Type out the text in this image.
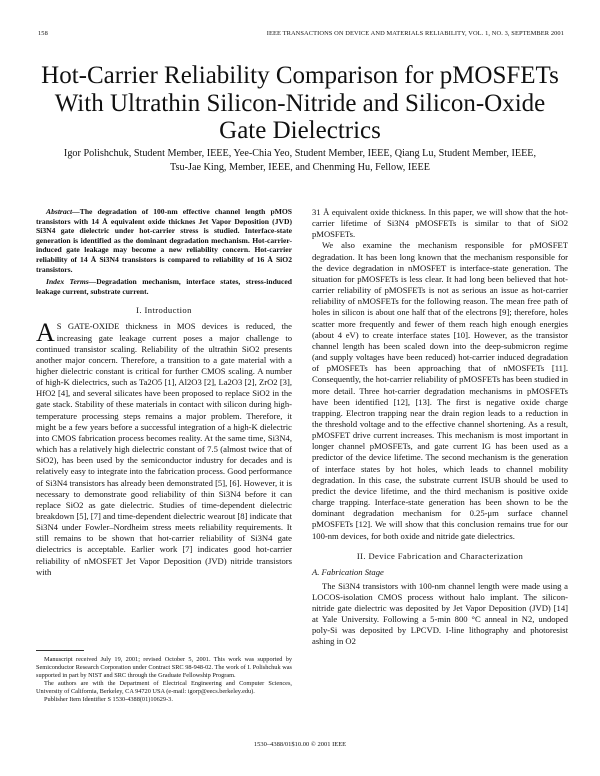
158	IEEE TRANSACTIONS ON DEVICE AND MATERIALS RELIABILITY, VOL. 1, NO. 3, SEPTEMBER 2001
Hot-Carrier Reliability Comparison for pMOSFETs
With Ultrathin Silicon-Nitride and Silicon-Oxide
Gate Dielectrics
Igor Polishchuk, Student Member, IEEE, Yee-Chia Yeo, Student Member, IEEE, Qiang Lu, Student Member, IEEE,
Tsu-Jae King, Member, IEEE, and Chenming Hu, Fellow, IEEE

Abstract—The degradation of 100-nm effective channel length pMOS transistors with 14 Å equivalent oxide thicknes Jet Vapor Deposition (JVD) Si3N4 gate dielectric under hot-carrier stress is studied. Interface-state generation is identified as the dominant degradation mechanism. Hot-carrier-induced gate leakage may become a new reliability concern. Hot-carrier reliability of 14 Å Si3N4 transistors is compared to reliability of 16 Å SiO2 transistors.

Index Terms—Degradation mechanism, interface states, stress-induced leakage current, substrate current.

I. Introduction

A S GATE-OXIDE thickness in MOS devices is reduced, the increasing gate leakage current poses a major challenge to continued transistor scaling. Reliability of the ultrathin SiO2 presents another major concern. Therefore, a transition to a gate material with a higher dielectric constant is critical for further CMOS scaling. A number of high-K dielectrics, such as Ta2O5 [1], Al2O3 [2], La2O3 [2], ZrO2 [3], HfO2 [4], and several silicates have been proposed to replace SiO2 in the gate stack. Stability of these materials in contact with silicon during high-temperature processing steps remains a major problem. Therefore, it might be a few years before a successful integration of a high-K dielectric into CMOS fabrication process becomes reality. At the same time, Si3N4, which has a relatively high dielectric constant of 7.5 (almost twice that of SiO2), has been used by the semiconductor industry for decades and is relatively easy to integrate into the fabrication process. Good performance of Si3N4 transistors has already been demonstrated [5], [6]. However, it is necessary to demonstrate good reliability of thin Si3N4 before it can replace SiO2 as gate dielectric. Studies of time-dependent dielectric breakdown [5], [7] and time-dependent dielectric wearout [8] indicate that Si3N4 under Fowler–Nordheim stress meets reliability requirements. It still remains to be shown that hot-carrier reliability of Si3N4 gate dielectrics is acceptable. Earlier work [7] indicates good hot-carrier reliability of nMOSFET Jet Vapor Deposition (JVD) nitride transistors with

31 Å equivalent oxide thickness. In this paper, we will show that the hot-carrier lifetime of Si3N4 pMOSFETs is similar to that of SiO2 pMOSFETs.

We also examine the mechanism responsible for pMOSFET degradation. It has been long known that the mechanism responsible for the device degradation in nMOSFET is interface-state generation. The situation for pMOSFETs is less clear. It had long been believed that hot-carrier reliability of pMOSFETs is not as serious an issue as hot-carrier reliability of nMOSFETs for the following reason. The mean free path of holes in silicon is about one half that of the electrons [9]; therefore, holes scatter more frequently and fewer of them reach high enough energies (about 4 eV) to create interface states [10]. However, as the transistor channel length has been scaled down into the deep-submicron regime (and supply voltages have been reduced) hot-carrier induced degradation of pMOSFETs has been approaching that of nMOSFETs [11]. Consequently, the hot-carrier reliability of pMOSFETs has been studied in more detail. Three hot-carrier degradation mechanisms in pMOSFETs have been identified [12], [13]. The first is negative oxide charge trapping. Electron trapping near the drain region leads to a reduction in the threshold voltage and to the effective channel shortening. As a result, pMOSFET drive current increases. This mechanism is most important in longer channel pMOSFETs, and gate current IG has been used as a predictor of the device lifetime. The second mechanism is the generation of interface states by hot holes, which leads to channel mobility degradation. In this case, the substrate current ISUB should be used to predict the device lifetime, and the third mechanism is positive oxide charge trapping. Interface-state generation has been shown to be the dominant degradation mechanism for 0.25-μm surface channel pMOSFETs [12]. We will show that this conclusion remains true for our 100-nm devices, for both oxide and nitride gate dielectrics.

II. Device Fabrication and Characterization
A. Fabrication Stage

The Si3N4 transistors with 100-nm channel length were made using a LOCOS-isolation CMOS process without halo implant. The silicon-nitride gate dielectric was deposited by Jet Vapor Deposition (JVD) [14] at Yale University. Following a 5-min 800 °C anneal in N2, undoped poly-Si was deposited by LPCVD. I-line lithography and photoresist ashing in O2

Manuscript received July 19, 2001; revised October 5, 2001. This work was supported by Semiconductor Research Corporation under Contract SRC 98-948-02. The work of I. Polishchuk was supported in part by NIST and SRC through the Graduate Fellowship Program.

The authors are with the Department of Electrical Engineering and Computer Sciences, University of California, Berkeley, CA 94720 USA (e-mail: igorp@eecs.berkeley.edu).

Publisher Item Identifier S 1530-4388(01)10629-3.

1530–4388/01$10.00 © 2001 IEEE
